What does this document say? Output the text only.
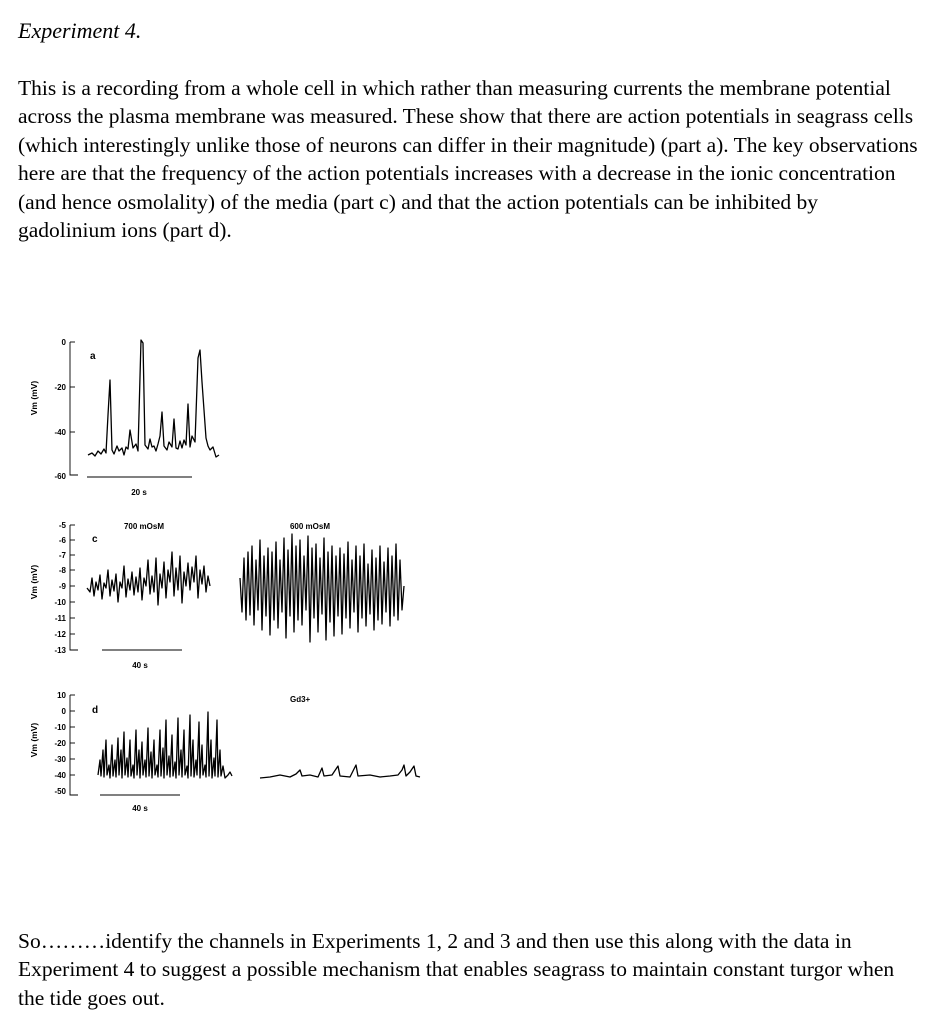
Experiment 4.

This is a recording from a whole cell in which rather than measuring currents the membrane potential across the plasma membrane was measured. These show that there are action potentials in seagrass cells (which interestingly unlike those of neurons can differ in their magnitude) (part a). The key observations here are that the frequency of the action potentials increases with a decrease in the ionic concentration (and hence osmolality) of the media (part c) and that the action potentials can be inhibited by gadolinium ions (part d).

Vm (mV)
0
-20
-40
-60
a
20 s
Vm (mV)
-5
-6
-7
-8
-9
-10
-11
-12
-13
c
700 mOsM	600 mOsM
40 s
Vm (mV)
10
0
-10
-20
-30
-40
-50
d
Gd3+
40 s

So………identify the channels in Experiments 1, 2 and 3 and then use this along with the data in Experiment 4 to suggest a possible mechanism that enables seagrass to maintain constant turgor when the tide goes out.
